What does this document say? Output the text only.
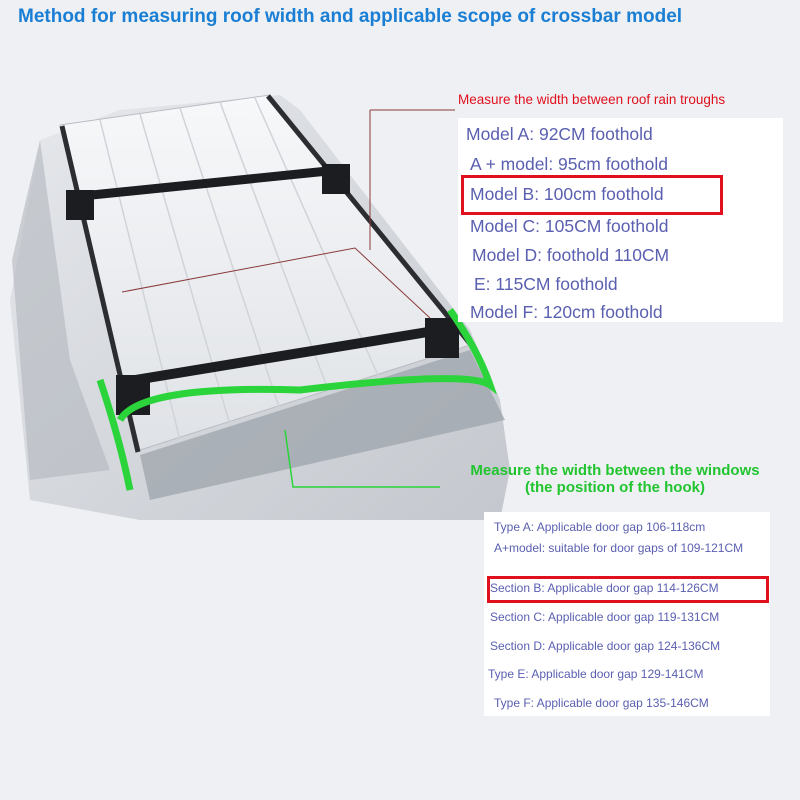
Method for measuring roof width and applicable scope of crossbar model
Measure the width between roof rain troughs
Model A: 92CM foothold
A + model: 95cm foothold
Model B: 100cm foothold
Model C: 105CM foothold
Model D: foothold 110CM
E: 115CM foothold
Model F: 120cm foothold
Measure the width between the windows
(the position of the hook)
Type A: Applicable door gap 106-118cm
A+model: suitable for door gaps of 109-121CM
Section B: Applicable door gap 114-126CM
Section C: Applicable door gap 119-131CM
Section D: Applicable door gap 124-136CM
Type E: Applicable door gap 129-141CM
Type F: Applicable door gap 135-146CM
